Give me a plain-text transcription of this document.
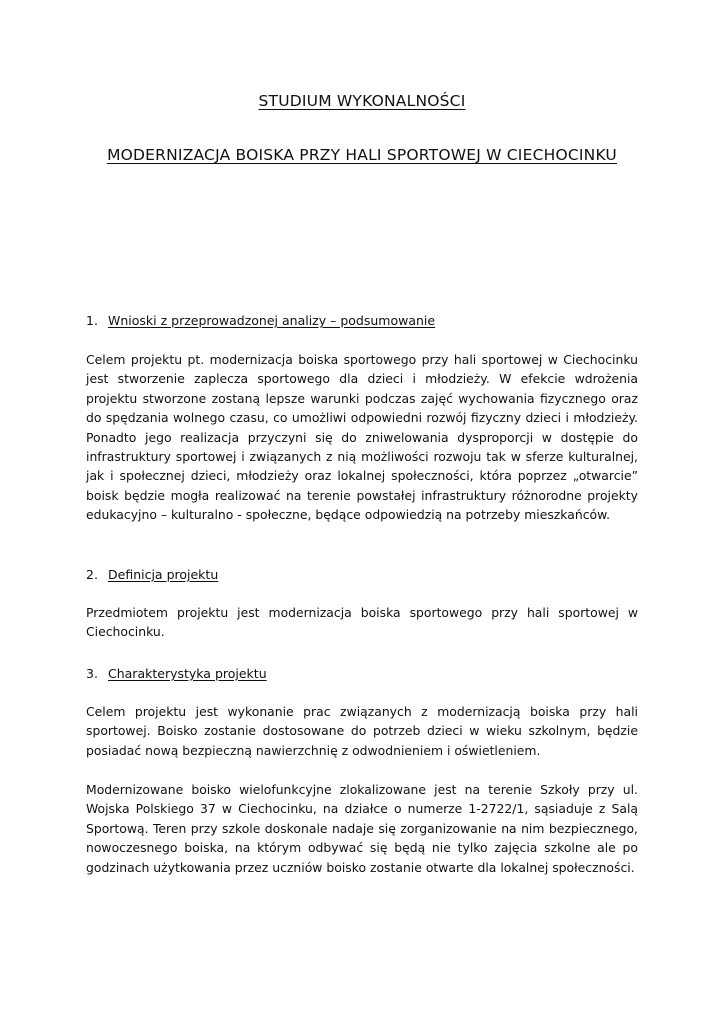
STUDIUM WYKONALNOŚCI
MODERNIZACJA BOISKA PRZY HALI SPORTOWEJ W CIECHOCINKU
1. Wnioski z przeprowadzonej analizy – podsumowanie

Celem projektu pt. modernizacja boiska sportowego przy hali sportowej w Ciechocinku jest stworzenie zaplecza sportowego dla dzieci i młodzieży. W efekcie wdrożenia projektu stworzone zostaną lepsze warunki podczas zajęć wychowania fizycznego oraz do spędzania wolnego czasu, co umożliwi odpowiedni rozwój fizyczny dzieci i młodzieży. Ponadto jego realizacja przyczyni się do zniwelowania dysproporcji w dostępie do infrastruktury sportowej i związanych z nią możliwości rozwoju tak w sferze kulturalnej, jak i społecznej dzieci, młodzieży oraz lokalnej społeczności, która poprzez „otwarcie” boisk będzie mogła realizować na terenie powstałej infrastruktury różnorodne projekty edukacyjno – kulturalno - społeczne, będące odpowiedzią na potrzeby mieszkańców.

2. Definicja projektu

Przedmiotem projektu jest modernizacja boiska sportowego przy hali sportowej w Ciechocinku.

3. Charakterystyka projektu

Celem projektu jest wykonanie prac związanych z modernizacją boiska przy hali sportowej. Boisko zostanie dostosowane do potrzeb dzieci w wieku szkolnym, będzie posiadać nową bezpieczną nawierzchnię z odwodnieniem i oświetleniem.

Modernizowane boisko wielofunkcyjne zlokalizowane jest na terenie Szkoły przy ul. Wojska Polskiego 37 w Ciechocinku, na działce o numerze 1-2722/1, sąsiaduje z Salą Sportową. Teren przy szkole doskonale nadaje się zorganizowanie na nim bezpiecznego, nowoczesnego boiska, na którym odbywać się będą nie tylko zajęcia szkolne ale po godzinach użytkowania przez uczniów boisko zostanie otwarte dla lokalnej społeczności.
